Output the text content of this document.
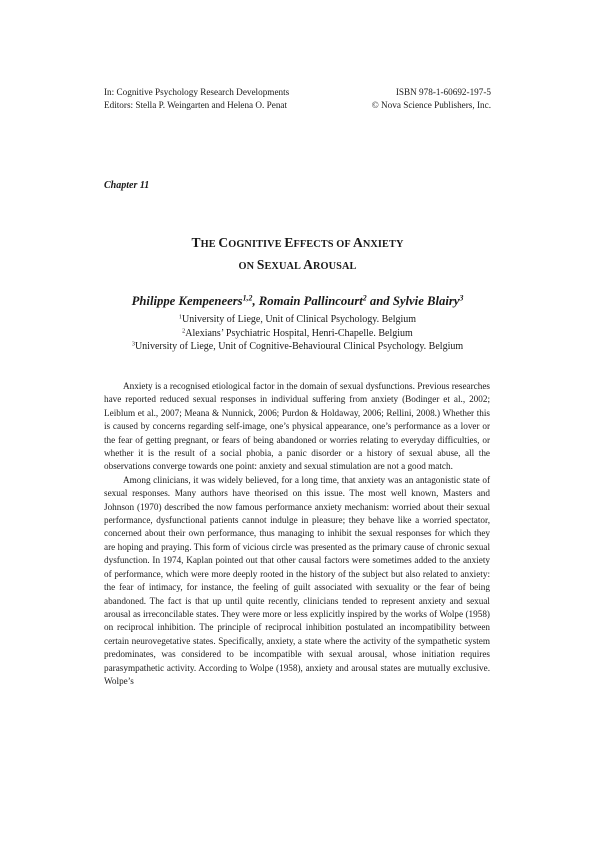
In: Cognitive Psychology Research Developments
Editors: Stella P. Weingarten and Helena O. Penat
ISBN 978-1-60692-197-5
© Nova Science Publishers, Inc.
Chapter 11
THE COGNITIVE EFFECTS OF ANXIETY
ON SEXUAL AROUSAL
Philippe Kempeneers$^{1,2}$, Romain Pallincourt$^2$ and Sylvie Blairy$^3$
$^1$University of Liege, Unit of Clinical Psychology. Belgium
$^2$Alexians’ Psychiatric Hospital, Henri-Chapelle. Belgium
$^3$University of Liege, Unit of Cognitive-Behavioural Clinical Psychology. Belgium

Anxiety is a recognised etiological factor in the domain of sexual dysfunctions. Previous researches have reported reduced sexual responses in individual suffering from anxiety (Bodinger et al., 2002; Leiblum et al., 2007; Meana & Nunnick, 2006; Purdon & Holdaway, 2006; Rellini, 2008.) Whether this is caused by concerns regarding self-image, one’s physical appearance, one’s performance as a lover or the fear of getting pregnant, or fears of being abandoned or worries relating to everyday difficulties, or whether it is the result of a social phobia, a panic disorder or a history of sexual abuse, all the observations converge towards one point: anxiety and sexual stimulation are not a good match.

Among clinicians, it was widely believed, for a long time, that anxiety was an antagonistic state of sexual responses. Many authors have theorised on this issue. The most well known, Masters and Johnson (1970) described the now famous performance anxiety mechanism: worried about their sexual performance, dysfunctional patients cannot indulge in pleasure; they behave like a worried spectator, concerned about their own performance, thus managing to inhibit the sexual responses for which they are hoping and praying. This form of vicious circle was presented as the primary cause of chronic sexual dysfunction. In 1974, Kaplan pointed out that other causal factors were sometimes added to the anxiety of performance, which were more deeply rooted in the history of the subject but also related to anxiety: the fear of intimacy, for instance, the feeling of guilt associated with sexuality or the fear of being abandoned. The fact is that up until quite recently, clinicians tended to represent anxiety and sexual arousal as irreconcilable states. They were more or less explicitly inspired by the works of Wolpe (1958) on reciprocal inhibition. The principle of reciprocal inhibition postulated an incompatibility between certain neurovegetative states. Specifically, anxiety, a state where the activity of the sympathetic system predominates, was considered to be incompatible with sexual arousal, whose initiation requires parasympathetic activity. According to Wolpe (1958), anxiety and arousal states are mutually exclusive. Wolpe’s
